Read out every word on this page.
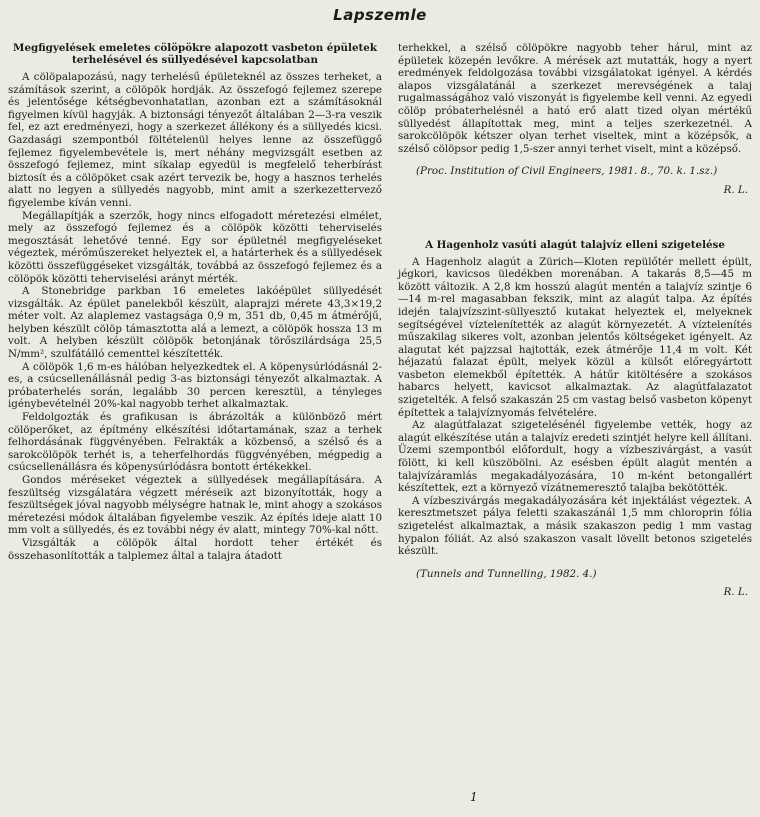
Lapszemle
Megfigyelések emeletes cölöpökre alapozott vasbeton épületek terhelésével és süllyedésével kapcsolatban

A cölöpalapozású, nagy terhelésű épületeknél az összes terheket, a számítások szerint, a cölöpök hordják. Az összefogó fejlemez szerepe és jelentősége kétségbevonhatatlan, azonban ezt a számításoknál figyelmen kívül hagyják. A biztonsági tényezőt általában 2—3-ra veszik fel, ez azt eredményezi, hogy a szerkezet állékony és a süllyedés kicsi. Gazdasági szempontból föltételenül helyes lenne az összefüggő fejlemez figyelembevétele is, mert néhány megvizsgált esetben az összefogó fejlemez, mint síkalap egyedül is megfelelő teherbírást biztosít és a cölöpöket csak azért tervezik be, hogy a hasznos terhelés alatt no legyen a süllyedés nagyobb, mint amit a szerkezettervező figyelembe kíván venni.

Megállapítják a szerzők, hogy nincs elfogadott méretezési elmélet, mely az összefogó fejlemez és a cölöpök közötti teherviselés megosztását lehetővé tenné. Egy sor épületnél megfigyeléseket végeztek, mérőműszereket helyeztek el, a határterhek és a süllyedések közötti összefüggéseket vizsgálták, továbbá az összefogó fejlemez és a cölöpök közötti teherviselési arányt mérték.

A Stonebridge parkban 16 emeletes lakóépület süllyedését vizsgálták. Az épület panelekből készült, alaprajzi mérete 43,3×19,2 méter volt. Az alaplemez vastagsága 0,9 m, 351 db, 0,45 m átmérőjű, helyben készült cölöp támasztotta alá a lemezt, a cölöpök hossza 13 m volt. A helyben készült cölöpök betonjának törőszilárdsága 25,5 N/mm², szulfátálló cementtel készítették.

A cölöpök 1,6 m-es hálóban helyezkedtek el. A köpenysúrlódásnál 2-es, a csúcsellenállásnál pedig 3-as biztonsági tényezőt alkalmaztak. A próbaterhelés során, legalább 30 percen keresztül, a tényleges igénybevételnél 20%-kal nagyobb terhet alkalmaztak.

Feldolgozták és grafikusan is ábrázolták a különböző mért cölöperőket, az építmény elkészítési időtartamának, szaz a terhek felhordásának függvényében. Felrakták a közbenső, a szélső és a sarokcölöpök terhét is, a teherfelhordás függvényében, mégpedig a csúcsellenállásra és köpenysúrlódásra bontott értékekkel.

Gondos méréseket végeztek a süllyedések megállapítására. A feszültség vizsgálatára végzett méréseik azt bizonyították, hogy a feszültségek jóval nagyobb mélységre hatnak le, mint ahogy a szokásos méretezési módok általában figyelembe veszik. Az építés ideje alatt 10 mm volt a süllyedés, és ez további négy év alatt, mintegy 70%-kal nőtt.

Vizsgálták a cölöpök által hordott teher értékét és összehasonlították a talplemez által a talajra átadott

terhekkel, a szélső cölöpökre nagyobb teher hárul, mint az épületek közepén levőkre. A mérések azt mutatták, hogy a nyert eredmények feldolgozása további vizsgálatokat igényel. A kérdés alapos vizsgálatánál a szerkezet merevségének a talaj rugalmasságához való viszonyát is figyelembe kell venni. Az egyedi cölöp próbaterhelésnél a ható erő alatt tized olyan mértékű süllyedést állapítottak meg, mint a teljes szerkezetnél. A sarokcölöpök kétszer olyan terhet viseltek, mint a középsők, a szélső cölöpsor pedig 1,5-szer annyi terhet viselt, mint a középső.

(Proc. Institution of Civil Engineers, 1981. 8., 70. k. 1.sz.)
R. L.
A Hagenholz vasúti alagút talajvíz elleni szigetelése

A Hagenholz alagút a Zürich—Kloten repülőtér mellett épült, jégkori, kavicsos üledékben morenában. A takarás 8,5—45 m között változik. A 2,8 km hosszú alagút mentén a talajvíz szintje 6—14 m-rel magasabban fekszik, mint az alagút talpa. Az építés idején talajvízszint-süllyesztő kutakat helyeztek el, melyeknek segítségével víztelenítették az alagút környezetét. A víztelenítés műszakilag sikeres volt, azonban jelentős költségeket igényelt. Az alagutat két pajzzsal hajtották, ezek átmérője 11,4 m volt. Két héjazatú falazat épült, melyek közül a külsőt előregyártott vasbeton elemekből építették. A hátűr kitöltésére a szokásos habarcs helyett, kavicsot alkalmaztak. Az alagútfalazatot szigetelték. A felső szakaszán 25 cm vastag belső vasbeton köpenyt építettek a talajvíznyomás felvételére.

Az alagútfalazat szigetelésénél figyelembe vették, hogy az alagút elkészítése után a talajvíz eredeti szintjét helyre kell állítani. Üzemi szempontból előfordult, hogy a vízbeszivárgást, a vasút fölött, ki kell küszöbölni. Az esésben épült alagút mentén a talajvízáramlás megakadályozására, 10 m-ként betongallért készítettek, ezt a környező vízátnemeresztő talajba bekötötték.

A vízbeszivárgás megakadályozására két injektálást végeztek. A keresztmetszet pálya feletti szakaszánál 1,5 mm chloroprin fólia szigetelést alkalmaztak, a másik szakaszon pedig 1 mm vastag hypalon fóliát. Az alsó szakaszon vasalt lövellt betonos szigetelés készült.

(Tunnels and Tunnelling, 1982. 4.)
R. L.
1
